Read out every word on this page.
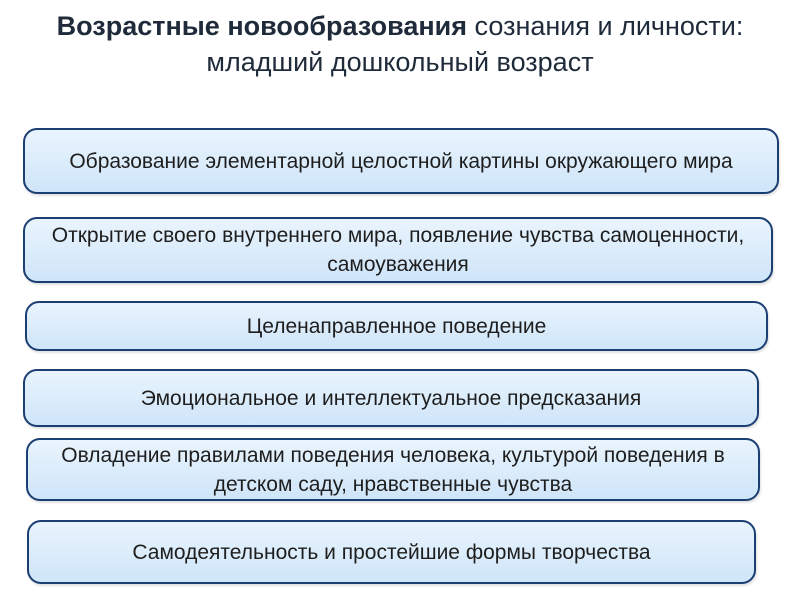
Возрастные новообразования сознания и личности: младший дошкольный возраст
Образование элементарной целостной картины окружающего мира
Открытие своего внутреннего мира, появление чувства самоценности, самоуважения
Целенаправленное поведение
Эмоциональное и интеллектуальное предсказания
Овладение правилами поведения человека, культурой поведения в детском саду, нравственные чувства
Самодеятельность и простейшие формы творчества
